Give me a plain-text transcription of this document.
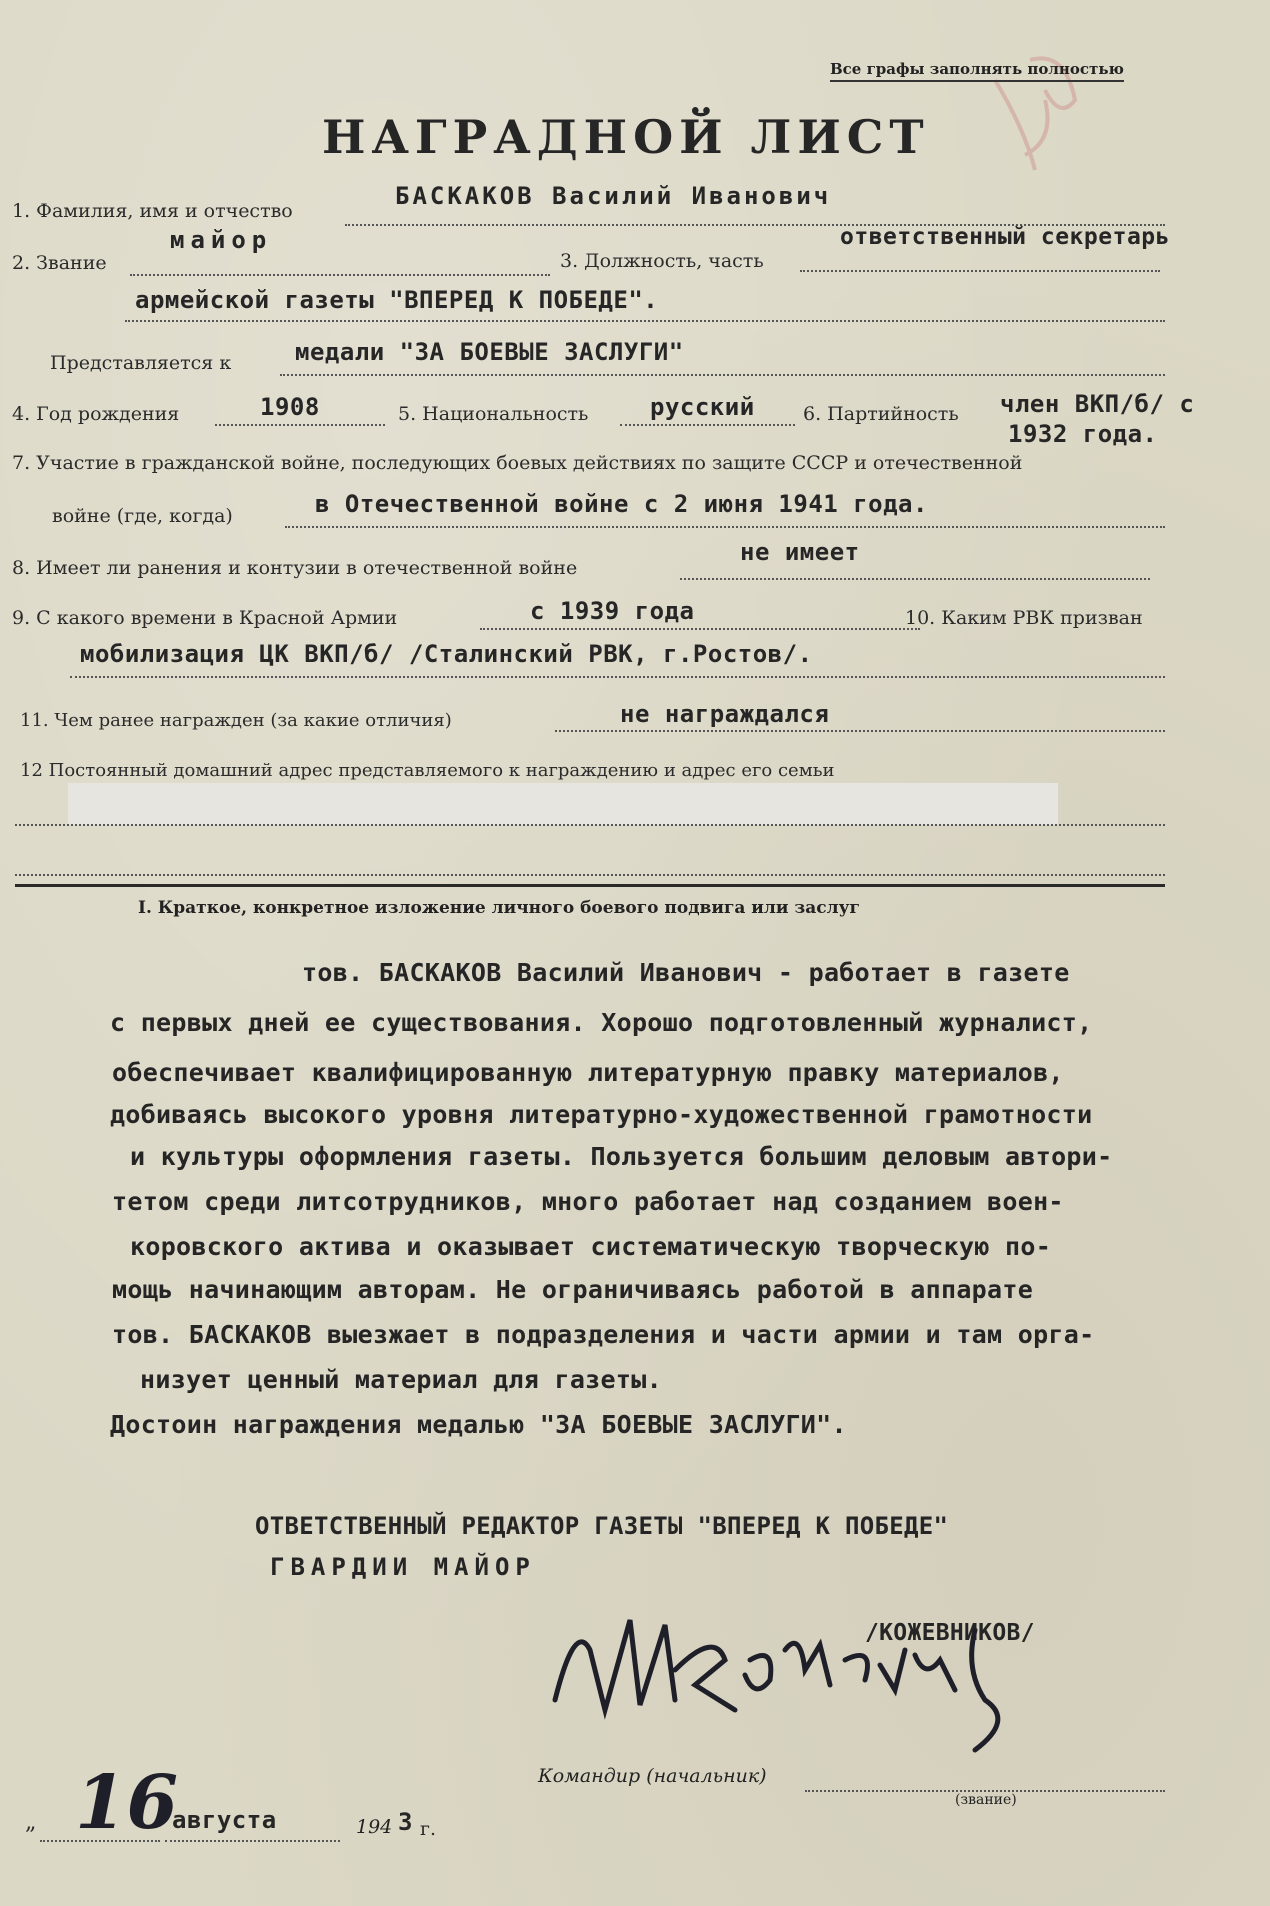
Все графы заполнять полностью
НАГРАДНОЙ ЛИСТ
1. Фамилия, имя и отчество
БАСКАКОВ Василий Иванович
2. Звание
майор
3. Должность, часть
ответственный секретарь
армейской газеты "ВПЕРЕД К ПОБЕДЕ".
Представляется к	медали "ЗА БОЕВЫЕ ЗАСЛУГИ"
4. Год рождения	1908	5. Национальность	русский	6. Партийность член ВКП/б/ с
1932 года.
7. Участие в гражданской войне, последующих боевых действиях по защите СССР и отечественной
войне (где, когда)	в Отечественной войне с 2 июня 1941 года.
8. Имеет ли ранения и контузии в отечественной войне
не имеет
9. С какого времени в Красной Армии	с 1939 года	10. Каким РВК призван
мобилизация ЦК ВКП/б/ /Сталинский РВК, г.Ростов/.
11. Чем ранее награжден (за какие отличия)	не награждался
12 Постоянный домашний адрес представляемого к награждению и адрес его семьи
I. Краткое, конкретное изложение личного боевого подвига или заслуг
тов. БАСКАКОВ Василий Иванович - работает в газете
с первых дней ее существования. Хорошо подготовленный журналист,
обеспечивает квалифицированную литературную правку материалов,
добиваясь высокого уровня литературно-художественной грамотности
и культуры оформления газеты. Пользуется большим деловым автори-
тетом среди литсотрудников, много работает над созданием воен-
коровского актива и оказывает систематическую творческую по-
мощь начинающим авторам. Не ограничиваясь работой в аппарате
тов. БАСКАКОВ выезжает в подразделения и части армии и там орга-
низует ценный материал для газеты.
Достоин награждения медалью "ЗА БОЕВЫЕ ЗАСЛУГИ".
ОТВЕТСТВЕННЫЙ РЕДАКТОР ГАЗЕТЫ "ВПЕРЕД К ПОБЕДЕ"
ГВАРДИИ МАЙОР
/КОЖЕВНИКОВ/
Командир (начальник)
(звание)
„ 16
августа	194 3 г.
